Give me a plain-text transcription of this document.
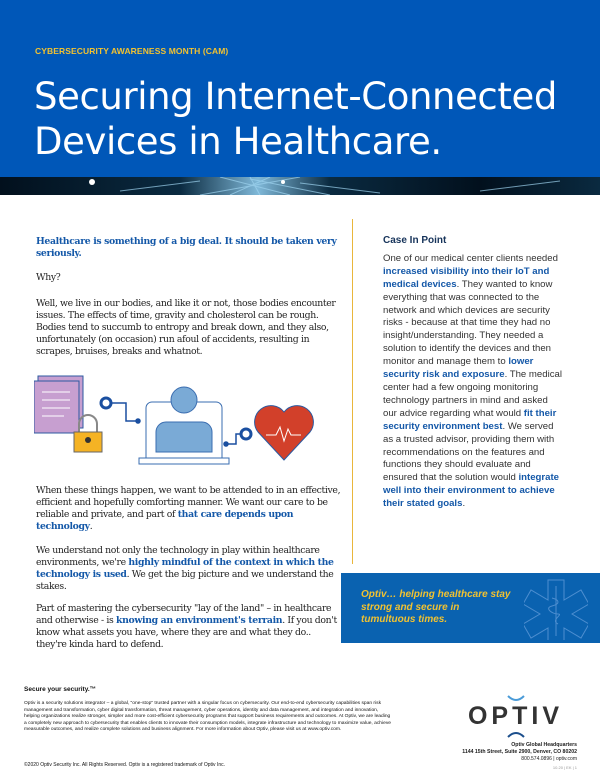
CYBERSECURITY AWARENESS MONTH (CAM)
Securing Internet-Connected
Devices in Healthcare.
Healthcare is something of a big deal. It should be taken very seriously.
Why?
Well, we live in our bodies, and like it or not, those bodies encounter issues. The effects of time, gravity and cholesterol can be rough. Bodies tend to succumb to entropy and break down, and they also, unfortunately (on occasion) run afoul of accidents, resulting in scrapes, bruises, breaks and whatnot.
When these things happen, we want to be attended to in an effective, efficient and hopefully comforting manner. We want our care to be reliable and private, and part of that care depends upon technology.
We understand not only the technology in play within healthcare environments, we're highly mindful of the context in which the technology is used. We get the big picture and we understand the stakes.
Part of mastering the cybersecurity "lay of the land" – in healthcare and otherwise - is knowing an environment's terrain. If you don't know what assets you have, where they are and what they do.. they're kinda hard to defend.
Case In Point

One of our medical center clients needed increased visibility into their IoT and medical devices. They wanted to know everything that was connected to the network and which devices are security risks - because at that time they had no insight/understanding. They needed a solution to identify the devices and then monitor and manage them to lower security risk and exposure. The medical center had a few ongoing monitoring technology partners in mind and asked our advice regarding what would fit their security environment best. We served as a trusted advisor, providing them with recommendations on the features and functions they should evaluate and ensured that the solution would integrate well into their environment to achieve their stated goals.

Optiv… helping healthcare stay strong and secure in tumultuous times.

Secure your security.™
Optiv is a security solutions integrator – a global, "one-stop" trusted partner with a singular focus on cybersecurity. Our end-to-end cybersecurity capabilities span risk management and transformation, cyber digital transformation, threat management, cyber operations, identity and data management, and integration and innovation, helping organizations realize stronger, simpler and more cost-efficient cybersecurity programs that support business requirements and outcomes. At Optiv, we are leading a completely new approach to cybersecurity that enables clients to innovate their consumption models, integrate infrastructure and technology to maximize value, achieve measurable outcomes, and realize complete solutions and business alignment. For more information about Optiv, please visit us at www.optiv.com.
©2020 Optiv Security Inc. All Rights Reserved. Optiv is a registered trademark of Optiv Inc.
OPTIV
Optiv Global Headquarters
1144 15th Street, Suite 2900, Denver, CO 80202
800.574.0896 | optiv.com
10.20 | EK | 1
